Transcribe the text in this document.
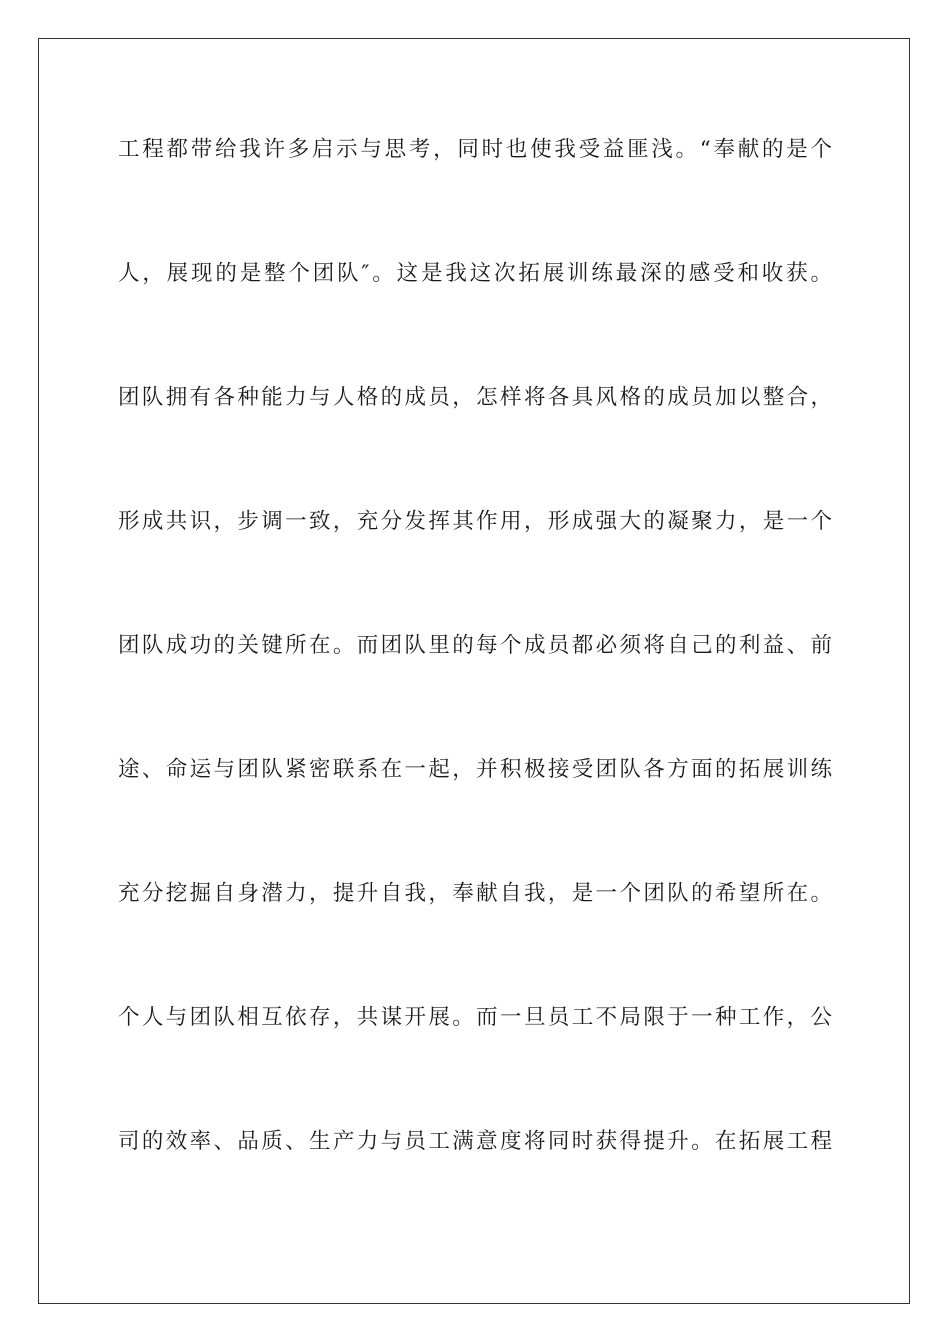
工程都带给我许多启示与思考，同时也使我受益匪浅。“奉献的是个
人，展现的是整个团队″。这是我这次拓展训练最深的感受和收获。
团队拥有各种能力与人格的成员，怎样将各具风格的成员加以整合，
形成共识，步调一致，充分发挥其作用，形成强大的凝聚力，是一个
团队成功的关键所在。而团队里的每个成员都必须将自己的利益、前
途、命运与团队紧密联系在一起，并积极接受团队各方面的拓展训练
充分挖掘自身潜力，提升自我，奉献自我，是一个团队的希望所在。
个人与团队相互依存，共谋开展。而一旦员工不局限于一种工作，公
司的效率、品质、生产力与员工满意度将同时获得提升。在拓展工程
